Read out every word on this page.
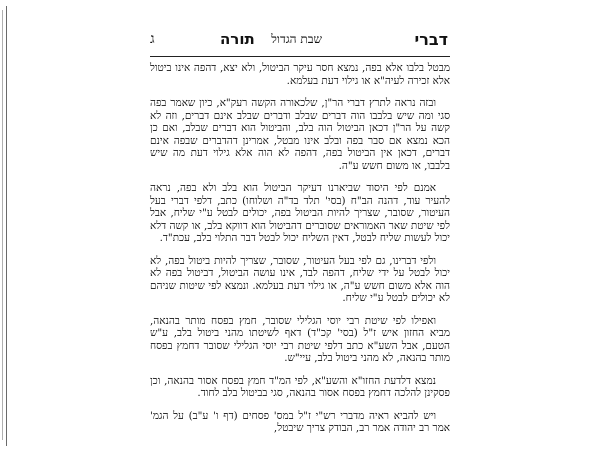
דברי
שבת הגדול
תורה
ג

מבטל בלבו אלא בפה, נמצא חסר עיקר הביטול, ולא יצא, דהפה אינו ביטול אלא זכירה לעיה"א או גילוי דעת בעלמא.

ובזה נראה לתרץ דברי הר"ן, שלכאורה הקשה רעק"א, כיון שאמר בפה סגי ומה שיש בלבבו הוה דברים שבלב ודברים שבלב אינם דברים, וזה לא קשה על הר"ן דכאן הביטול הוה בלב, והביטול הוא דברים שבלב, ואם כן הכא נמצא אם סבר בפה ובלב אינו מבטל, אמרינן דהדברים שבפה אינם דברים, דכאן אין הביטול בפה, דהפה לא הוה אלא גילוי דעת מה שיש בלבבו, או משום חשש ע"ה.

אמנם לפי היסוד שביארנו דעיקר הביטול הוא בלב ולא בפה, נראה להעיר עוד, דהנה הב"ח (בסי' תלד בד"ה ושלוחו) כתב, דלפי דברי בעל העיטור, שסובר, שצריך להיות הביטול בפה, יכולים לבטל ע"י שליח, אבל לפי שיטת שאר האמוראים שסוברים דהביטול הוא דווקא בלב, או קשה דלא יכול לעשות שליח לבטל, דאין השליח יכול לבטל דבר התלוי בלב, עכת"ד.

ולפי דברינו, גם לפי בעל העיטור, שסובר, שצריך להיות ביטול בפה, לא יכול לבטל על ידי שליח, דהפה לבד, אינו עושה הביטול, דביטול בפה לא הוה אלא משום חשש ע"ה, או גילוי דעת בעלמא. ונמצא לפי שיטות שניהם לא יכולים לבטל ע"י שליח.

ואפילו לפי שיטת רבי יוסי הגלילי שסובר, חמץ בפסח מותר בהנאה, מביא החזון איש ז"ל (בסי' קכ"ד) דאף לשיטתו מהני ביטול בלב, ע"ש הטעם, אבל השע"א כתב דלפי שיטת רבי יוסי הגלילי שסובר דחמץ בפסח מותר בהנאה, לא מהני ביטול בלב, עיי"ש.

נמצא דלדעת החזו"א והשע"א, לפי המ"ד חמץ בפסח אסור בהנאה, וכן פסקינן להלכה דחמץ בפסח אסור בהנאה, סגי בביטול בלב לחוד.

ויש להביא ראיה מדברי רש"י ז"ל במס' פסחים (דף ו' ע"ב) על הגמ' אמר רב יהודה אמר רב, הבודק צריך שיבטל,
